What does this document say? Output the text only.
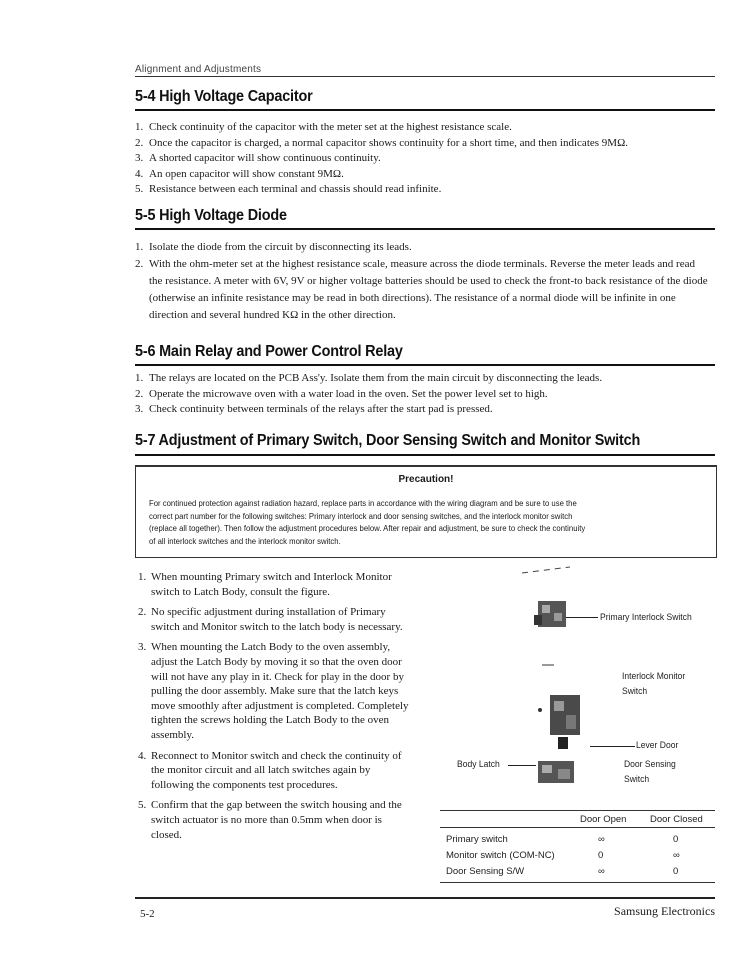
Alignment and Adjustments
5-4 High Voltage Capacitor
1. Check continuity of the capacitor with the meter set at the highest resistance scale.
2. Once the capacitor is charged, a normal capacitor shows continuity for a short time, and then indicates 9MΩ.
3. A shorted capacitor will show continuous continuity.
4. An open capacitor will show constant 9MΩ.
5. Resistance between each terminal and chassis should read infinite.
5-5 High Voltage Diode
1. Isolate the diode from the circuit by disconnecting its leads.
2. With the ohm-meter set at the highest resistance scale, measure across the diode terminals. Reverse the meter leads and read the resistance. A meter with 6V, 9V or higher voltage batteries should be used to check the front-to back resistance of the diode (otherwise an infinite resistance may be read in both directions). The resistance of a normal diode will be infinite in one direction and several hundred KΩ in the other direction.
5-6 Main Relay and Power Control Relay
1. The relays are located on the PCB Ass'y. Isolate them from the main circuit by disconnecting the leads.
2. Operate the microwave oven with a water load in the oven. Set the power level set to high.
3. Check continuity between terminals of the relays after the start pad is pressed.
5-7 Adjustment of Primary Switch, Door Sensing Switch and Monitor Switch
Precaution!
For continued protection against radiation hazard, replace parts in accordance with the wiring diagram and be sure to use the
correct part number for the following switches: Primary interlock and door sensing switches, and the interlock monitor switch
(replace all together). Then follow the adjustment procedures below. After repair and adjustment, be sure to check the continuity
of all interlock switches and the interlock monitor switch.
1. When mounting Primary switch and Interlock Monitor switch to Latch Body, consult the figure.
2. No specific adjustment during installation of Primary switch and Monitor switch to the latch body is necessary.
3. When mounting the Latch Body to the oven assembly, adjust the Latch Body by moving it so that the oven door will not have any play in it. Check for play in the door by pulling the door assembly. Make sure that the latch keys move smoothly after adjustment is completed. Completely tighten the screws holding the Latch Body to the oven assembly.
4. Reconnect to Monitor switch and check the continuity of the monitor circuit and all latch switches again by following the components test procedures.
5. Confirm that the gap between the switch housing and the switch actuator is no more than 0.5mm when door is closed.
Primary Interlock Switch
Interlock Monitor
Switch
Lever Door
Door Sensing
Switch
Body Latch
Door Open Door Closed
Primary switch	∞	0
Monitor switch (COM-NC)	0	∞
Door Sensing S/W	∞	0
5-2	Samsung Electronics
